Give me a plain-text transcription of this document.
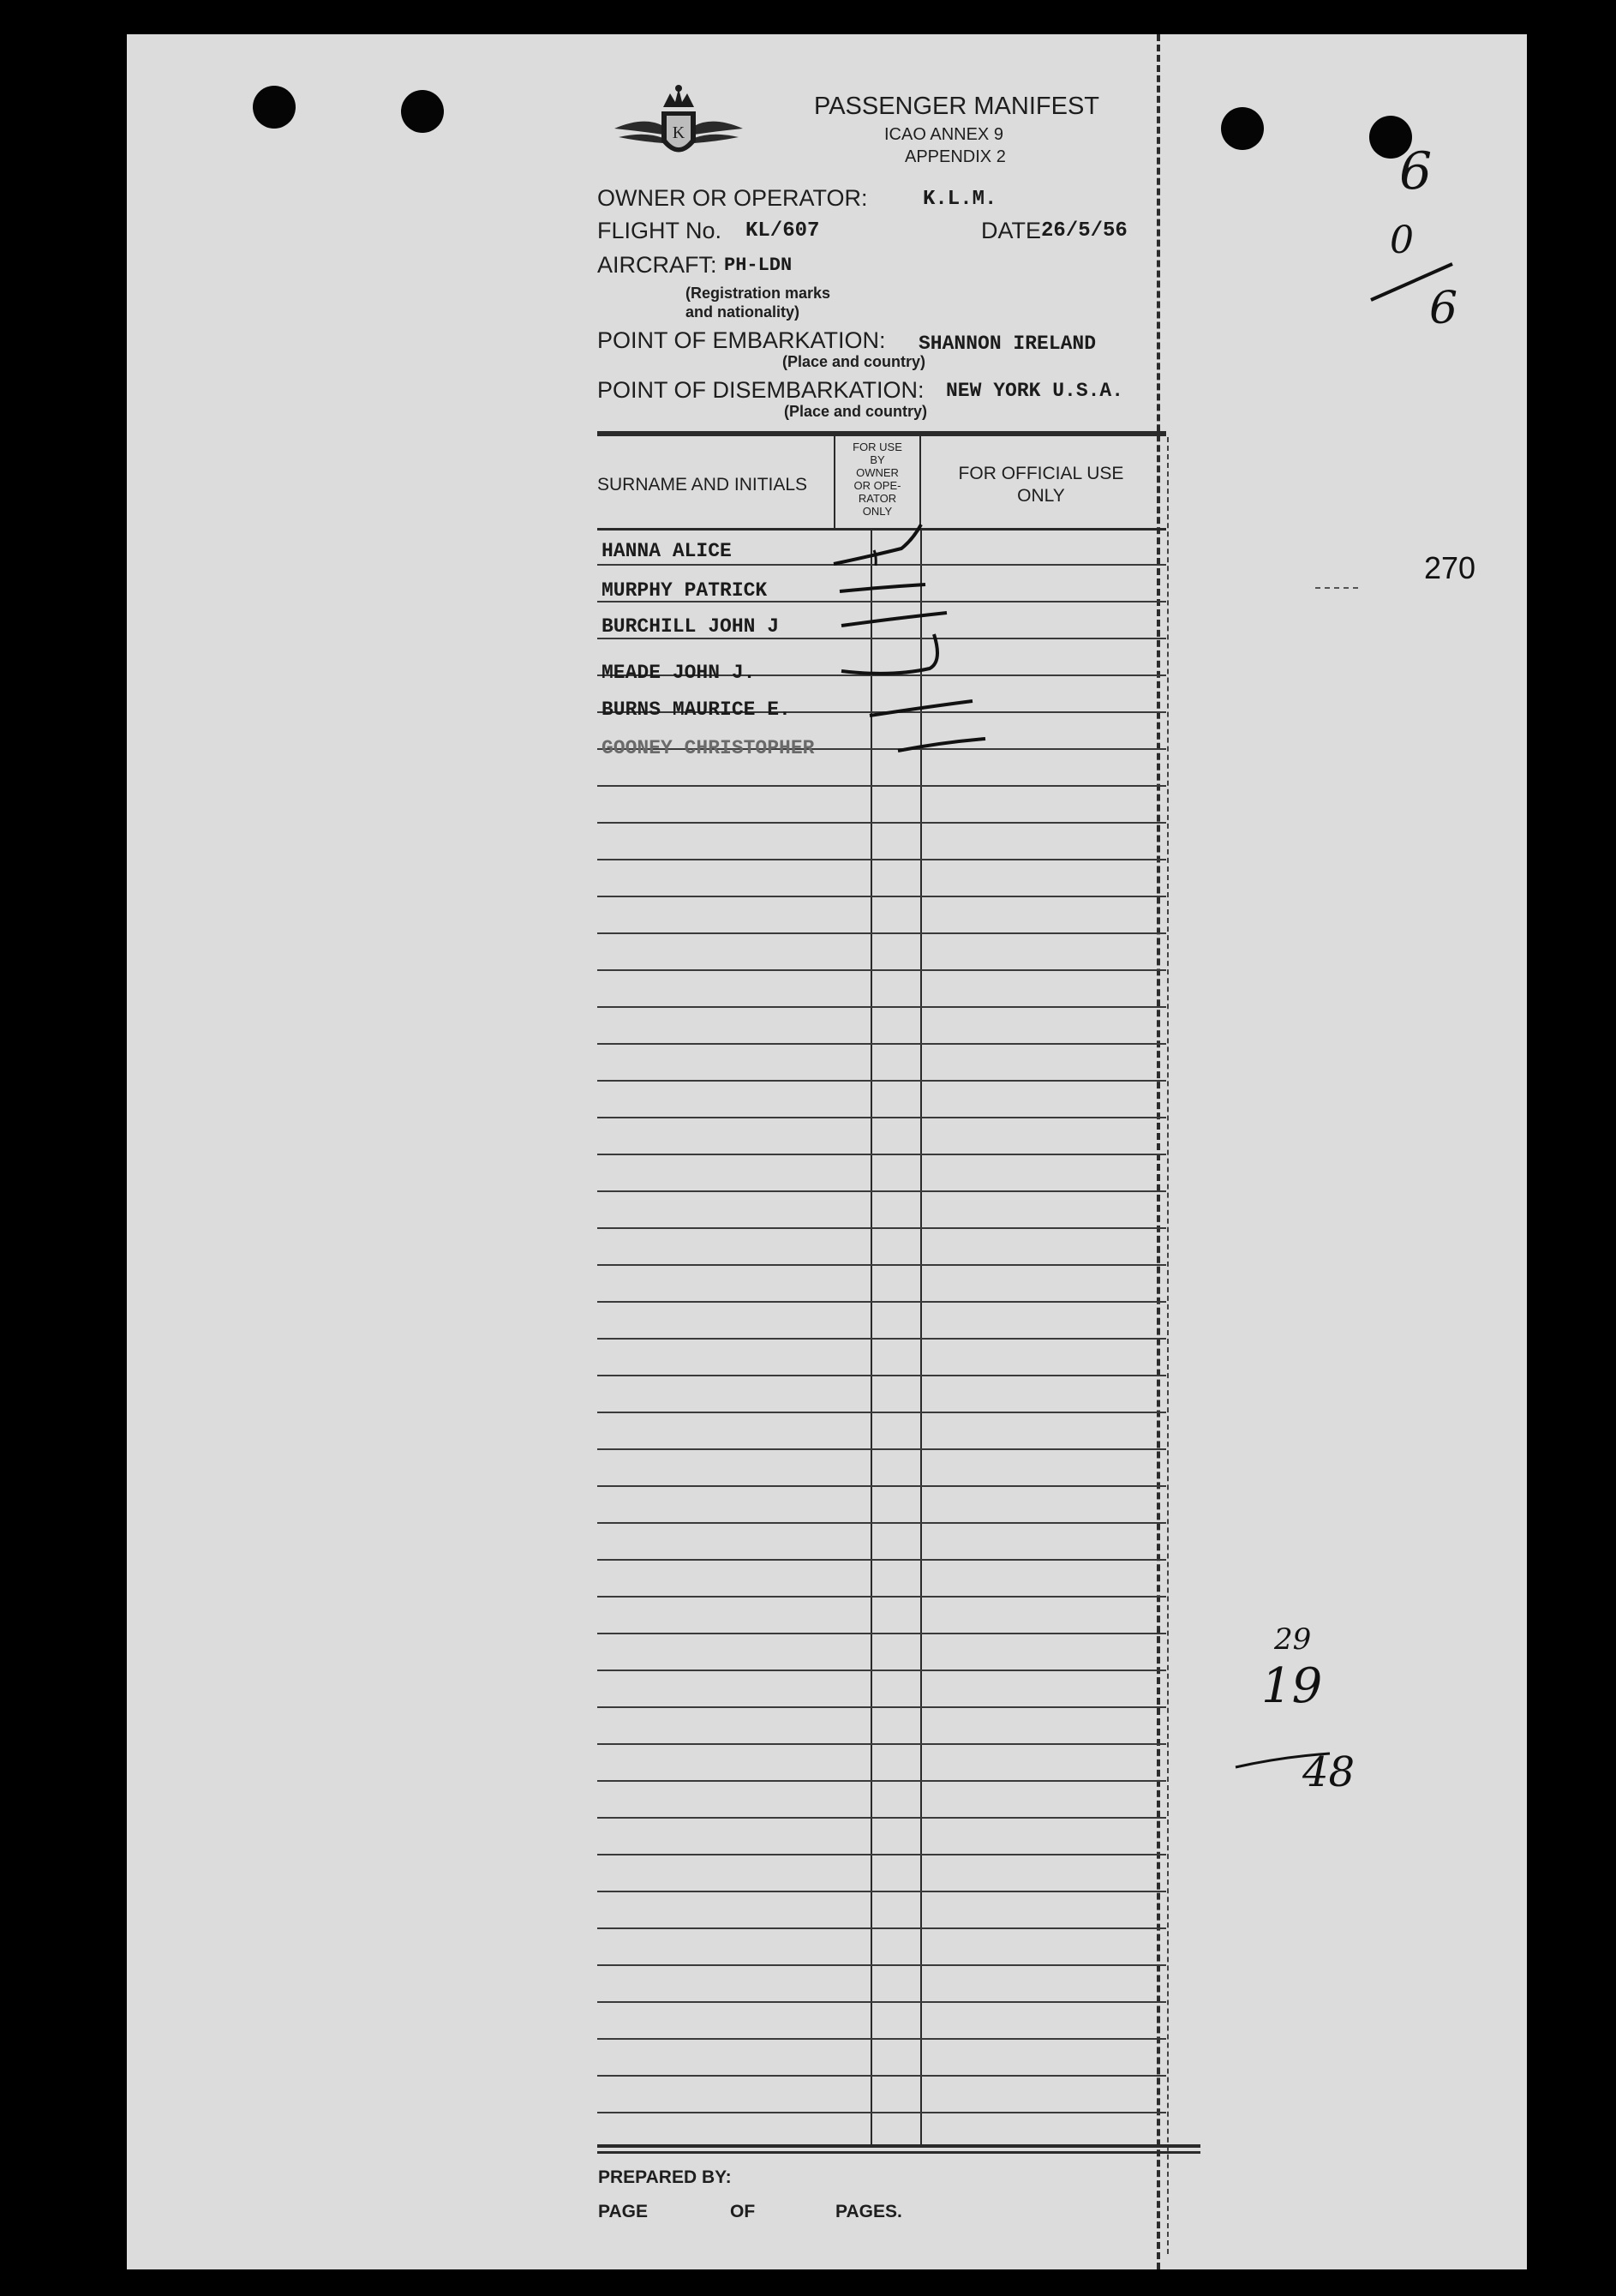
K
PASSENGER MANIFEST
ICAO ANNEX 9
APPENDIX 2
OWNER OR OPERATOR:	K.L.M.
FLIGHT No. KL/607	DATE 26/5/56
AIRCRAFT: PH-LDN
(Registration marks
and nationality)
POINT OF EMBARKATION: SHANNON IRELAND
(Place and country)
POINT OF DISEMBARKATION: NEW YORK U.S.A.
(Place and country)
SURNAME AND INITIALS
FOR USE
BY
OWNER
OR OPE-
RATOR
ONLY
FOR OFFICIAL USE
ONLY
HANNA ALICE
MURPHY PATRICK
BURCHILL JOHN J
MEADE JOHN J.
BURNS MAURICE E.
GOONEY CHRISTOPHER
PREPARED BY:
PAGE	OF	PAGES.
270
6
0
6
29
19
48
